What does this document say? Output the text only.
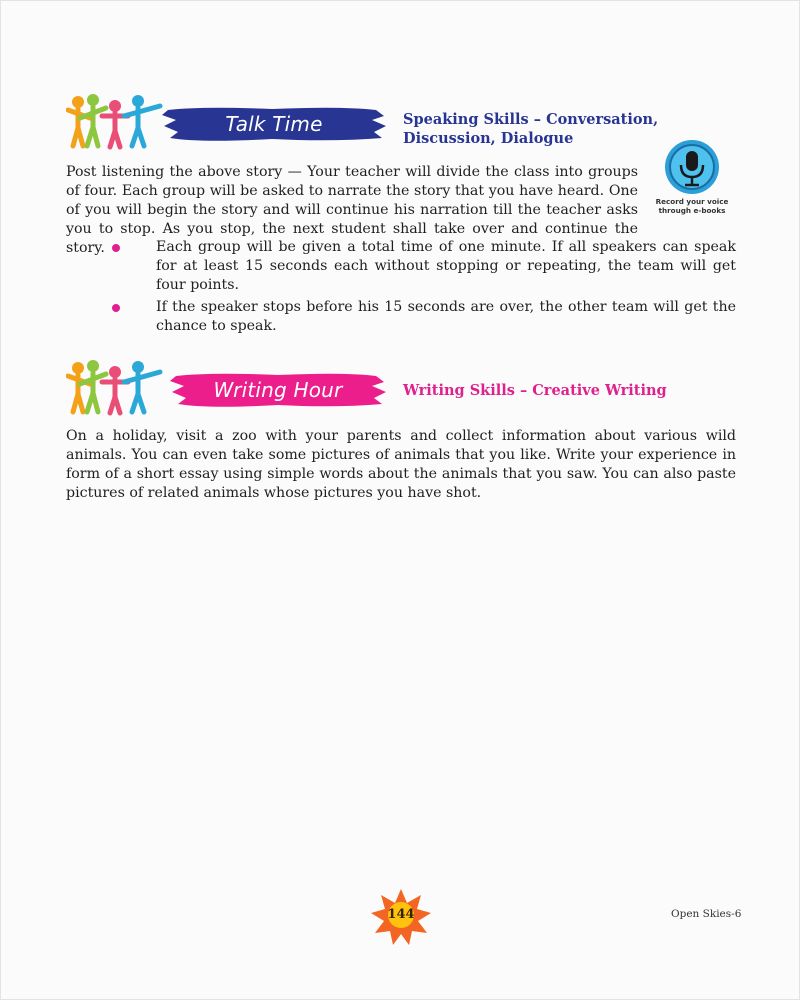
Talk Time	Speaking Skills – Conversation, Discussion, Dialogue

Post listening the above story — Your teacher will divide the class into groups of four. Each group will be asked to narrate the story that you have heard. One of you will begin the story and will continue his narration till the teacher asks you to stop. As you stop, the next student shall take over and continue the story.

Record your voice through e-books
Each group will be given a total time of one minute. If all speakers can speak for at least 15 seconds each without stopping or repeating, the team will get four points.
If the speaker stops before his 15 seconds are over, the other team will get the chance to speak.
Writing Hour	Writing Skills – Creative Writing

On a holiday, visit a zoo with your parents and collect information about various wild animals. You can even take some pictures of animals that you like. Write your experience in form of a short essay using simple words about the animals that you saw. You can also paste pictures of related animals whose pictures you have shot.

144	Open Skies-6
